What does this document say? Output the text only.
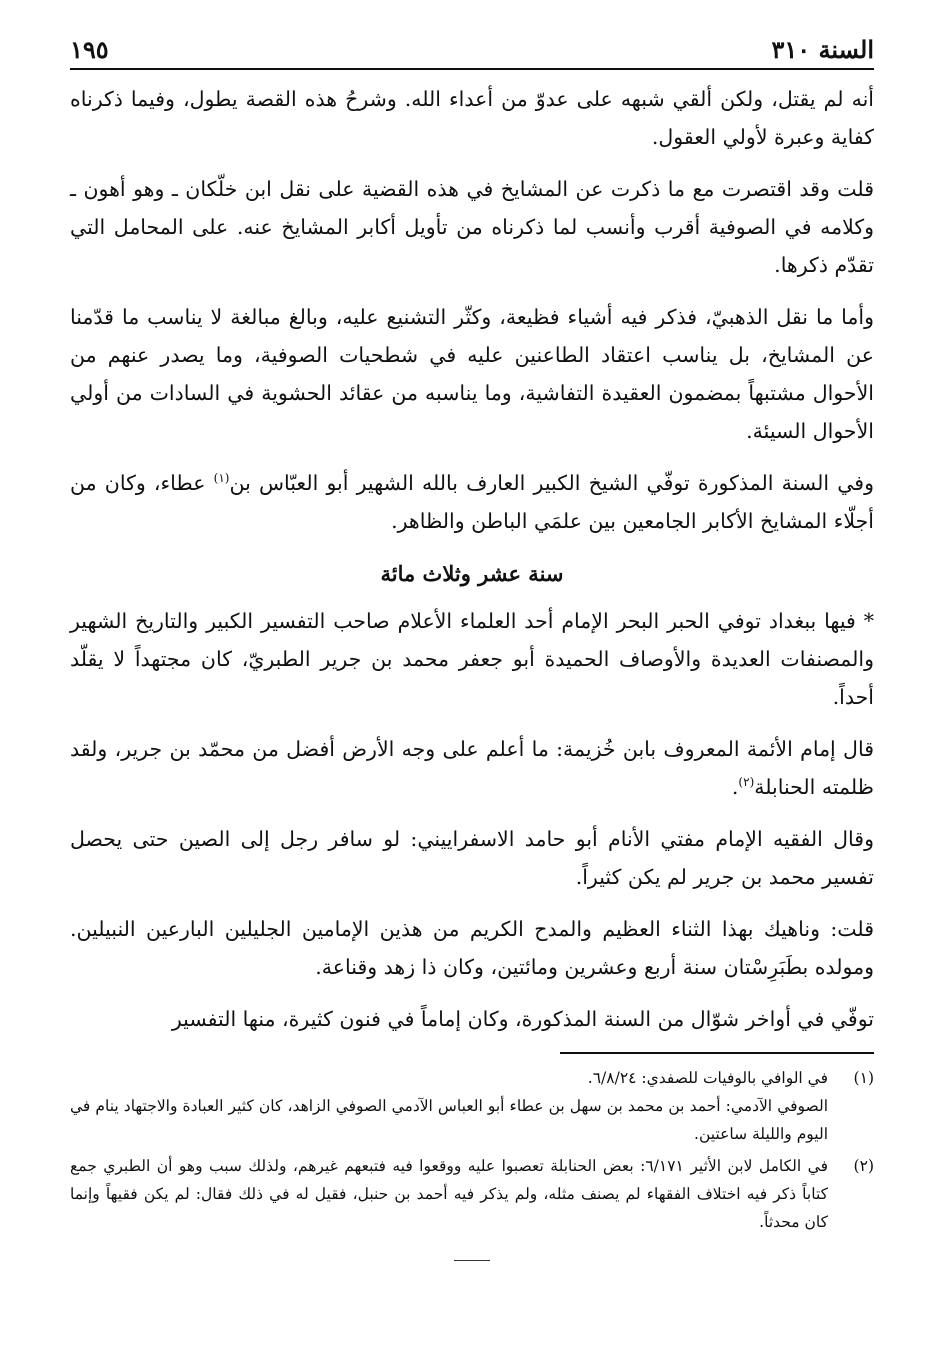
السنة ٣١٠
١٩٥

أنه لم يقتل، ولكن ألقي شبهه على عدوّ من أعداء الله. وشرحُ هذه القصة يطول، وفيما ذكرناه كفاية وعبرة لأولي العقول.

قلت وقد اقتصرت مع ما ذكرت عن المشايخ في هذه القضية على نقل ابن خلّكان ـ وهو أهون ـ وكلامه في الصوفية أقرب وأنسب لما ذكرناه من تأويل أكابر المشايخ عنه. على المحامل التي تقدّم ذكرها.

وأما ما نقل الذهبيّ، فذكر فيه أشياء فظيعة، وكثّر التشنيع عليه، وبالغ مبالغة لا يناسب ما قدّمنا عن المشايخ، بل يناسب اعتقاد الطاعنين عليه في شطحيات الصوفية، وما يصدر عنهم من الأحوال مشتبهاً بمضمون العقيدة التفاشية، وما يناسبه من عقائد الحشوية في السادات من أولي الأحوال السيئة.

وفي السنة المذكورة توفّي الشيخ الكبير العارف بالله الشهير أبو العبّاس بن$^{(١)}$ عطاء، وكان من أجلّاء المشايخ الأكابر الجامعين بين علمَي الباطن والظاهر.

سنة عشر وثلاث مائة

* فيها ببغداد توفي الحبر البحر الإمام أحد العلماء الأعلام صاحب التفسير الكبير والتاريخ الشهير والمصنفات العديدة والأوصاف الحميدة أبو جعفر محمد بن جرير الطبريّ، كان مجتهداً لا يقلّد أحداً.

قال إمام الأئمة المعروف بابن خُزيمة: ما أعلم على وجه الأرض أفضل من محمّد بن جرير، ولقد ظلمته الحنابلة$^{(٢)}$.

وقال الفقيه الإمام مفتي الأنام أبو حامد الاسفراييني: لو سافر رجل إلى الصين حتى يحصل تفسير محمد بن جرير لم يكن كثيراً.

قلت: وناهيك بهذا الثناء العظيم والمدح الكريم من هذين الإمامين الجليلين البارعين النبيلين. ومولده بطَبَرِسْتان سنة أربع وعشرين ومائتين، وكان ذا زهد وقناعة.

توفّي في أواخر شوّال من السنة المذكورة، وكان إماماً في فنون كثيرة، منها التفسير

(١)
في الوافي بالوفيات للصفدي: ٦/٨/٢٤.
الصوفي الآدمي: أحمد بن محمد بن سهل بن عطاء أبو العباس الآدمي الصوفي الزاهد، كان كثير العبادة والاجتهاد ينام في اليوم والليلة ساعتين.
(٢)
في الكامل لابن الأثير ٦/١٧١: بعض الحنابلة تعصبوا عليه ووقعوا فيه فتبعهم غيرهم، ولذلك سبب وهو أن الطبري جمع كتاباً ذكر فيه اختلاف الفقهاء لم يصنف مثله، ولم يذكر فيه أحمد بن حنبل، فقيل له في ذلك فقال: لم يكن فقيهاً وإنما كان محدثاً.
